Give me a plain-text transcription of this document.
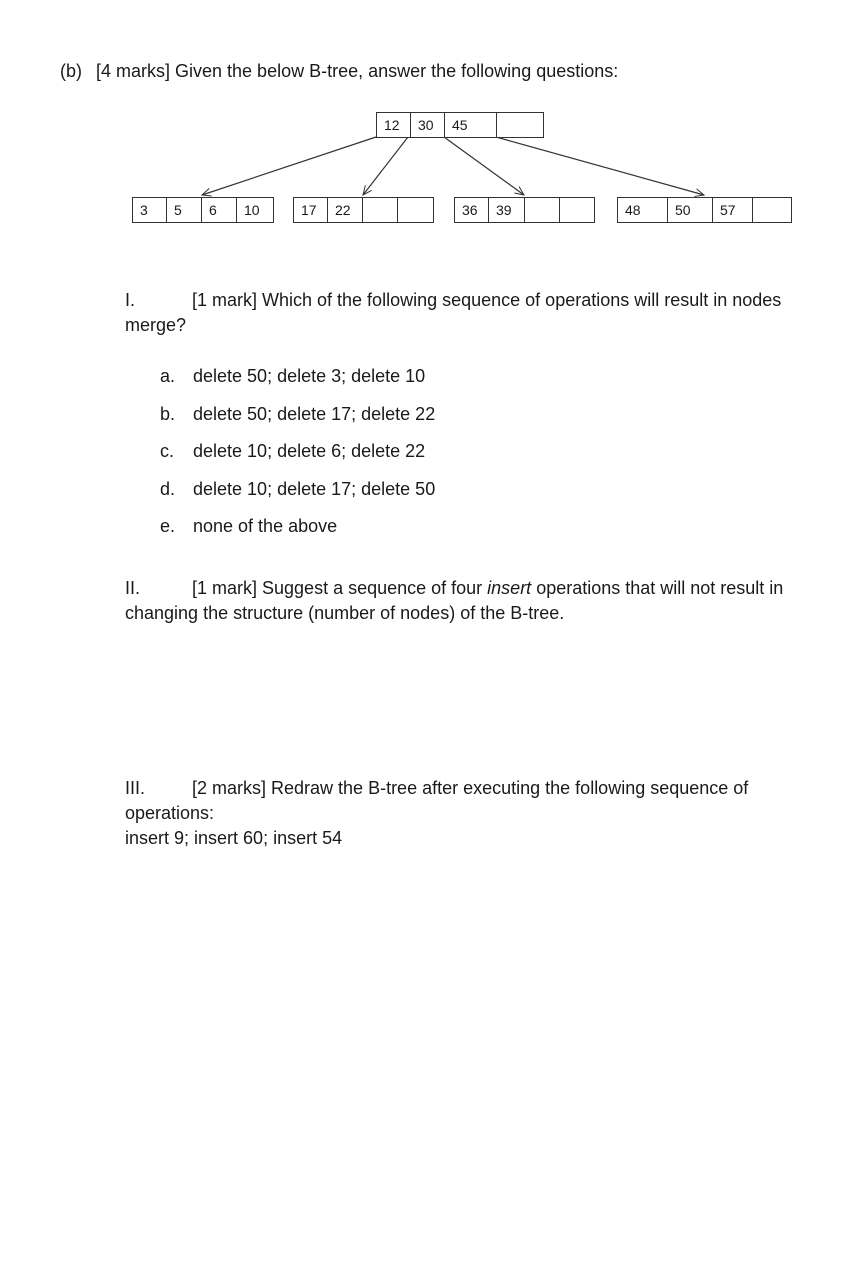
(b) [4 marks] Given the below B-tree, answer the following questions:
12 30 45
3 5 6 10	17 22	36 39	48 50 57
I.	[1 mark] Which of the following sequence of operations will result in nodes
merge?
a. delete 50; delete 3; delete 10
b. delete 50; delete 17; delete 22
c. delete 10; delete 6; delete 22
d. delete 10; delete 17; delete 50
e. none of the above
II.	[1 mark] Suggest a sequence of four insert operations that will not result in
changing the structure (number of nodes) of the B-tree.
III.	[2 marks] Redraw the B-tree after executing the following sequence of
operations:
insert 9; insert 60; insert 54
